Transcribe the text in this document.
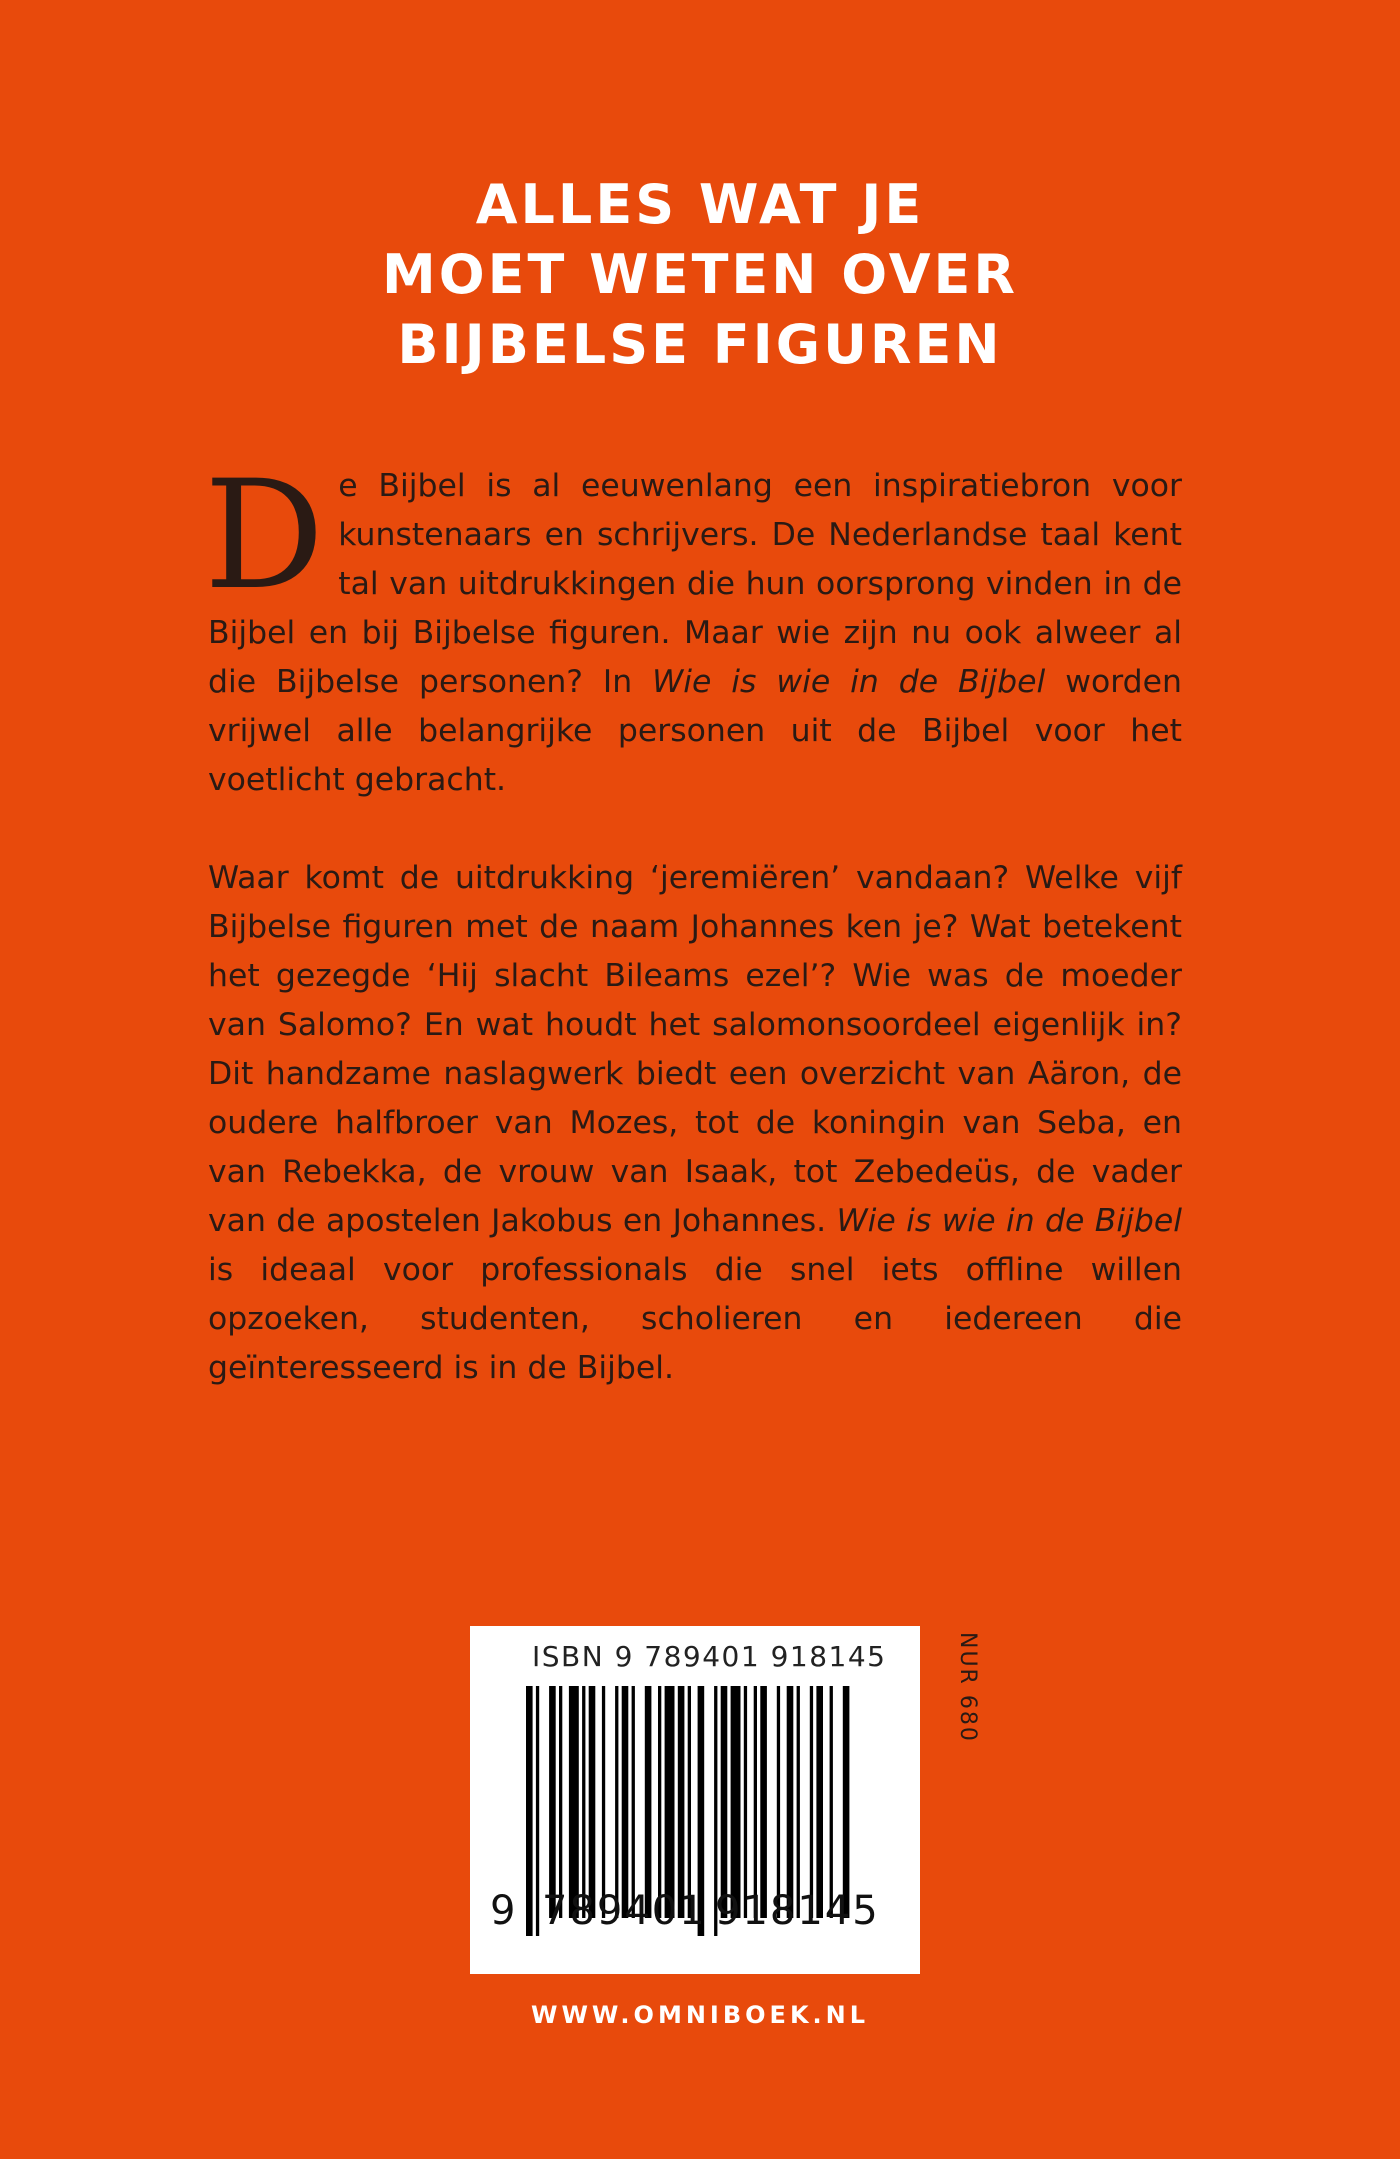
ALLES WAT JE
MOET WETEN OVER
BIJBELSE FIGUREN

De Bijbel is al eeuwenlang een inspiratiebron voor kunstenaars en schrijvers. De Nederlandse taal kent tal van uitdrukkingen die hun oorsprong vinden in de Bijbel en bij Bijbelse figuren. Maar wie zijn nu ook alweer al die Bijbelse personen? In Wie is wie in de Bijbel worden vrijwel alle belangrijke personen uit de Bijbel voor het voetlicht gebracht.

Waar komt de uitdrukking ‘jeremiëren’ vandaan? Welke vijf Bijbelse figuren met de naam Johannes ken je? Wat betekent het gezegde ‘Hij slacht Bileams ezel’? Wie was de moeder van Salomo? En wat houdt het salomonsoordeel eigenlijk in? Dit handzame naslagwerk biedt een overzicht van Aäron, de oudere halfbroer van Mozes, tot de koningin van Seba, en van Rebekka, de vrouw van Isaak, tot Zebedeüs, de vader van de apostelen Jakobus en Johannes. Wie is wie in de Bijbel is ideaal voor professionals die snel iets offline willen opzoeken, studenten, scholieren en iedereen die geïnteresseerd is in de Bijbel.

ISBN 9 789401 918145
9 789401 918145
NUR 680
WWW.OMNIBOEK.NL
